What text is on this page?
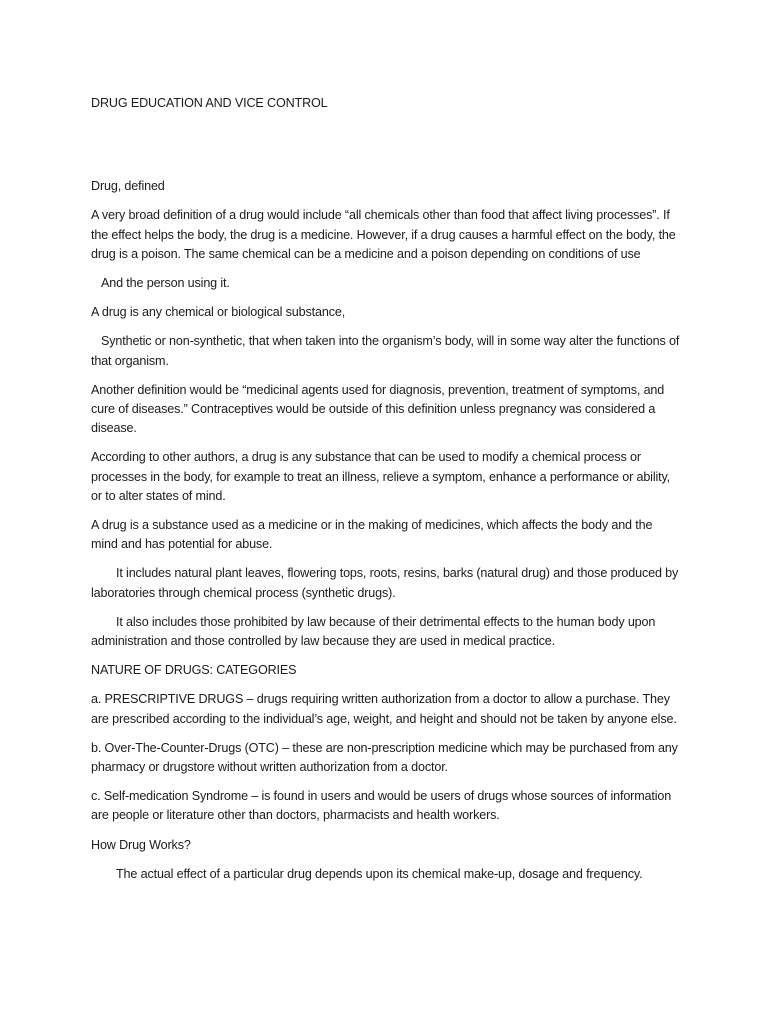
DRUG EDUCATION AND VICE CONTROL

Drug, defined

A very broad definition of a drug would include “all chemicals other than food that affect living processes”. If the effect helps the body, the drug is a medicine. However, if a drug causes a harmful effect on the body, the drug is a poison. The same chemical can be a medicine and a poison depending on conditions of use

And the person using it.

A drug is any chemical or biological substance,

Synthetic or non-synthetic, that when taken into the organism’s body, will in some way alter the functions of that organism.

Another definition would be “medicinal agents used for diagnosis, prevention, treatment of symptoms, and cure of diseases.” Contraceptives would be outside of this definition unless pregnancy was considered a disease.

According to other authors, a drug is any substance that can be used to modify a chemical process or processes in the body, for example to treat an illness, relieve a symptom, enhance a performance or ability, or to alter states of mind.

A drug is a substance used as a medicine or in the making of medicines, which affects the body and the mind and has potential for abuse.

It includes natural plant leaves, flowering tops, roots, resins, barks (natural drug) and those produced by laboratories through chemical process (synthetic drugs).

It also includes those prohibited by law because of their detrimental effects to the human body upon administration and those controlled by law because they are used in medical practice.

NATURE OF DRUGS: CATEGORIES

a. PRESCRIPTIVE DRUGS – drugs requiring written authorization from a doctor to allow a purchase. They are prescribed according to the individual’s age, weight, and height and should not be taken by anyone else.

b. Over-The-Counter-Drugs (OTC) – these are non-prescription medicine which may be purchased from any pharmacy or drugstore without written authorization from a doctor.

c. Self-medication Syndrome – is found in users and would be users of drugs whose sources of information are people or literature other than doctors, pharmacists and health workers.

How Drug Works?

The actual effect of a particular drug depends upon its chemical make-up, dosage and frequency.
